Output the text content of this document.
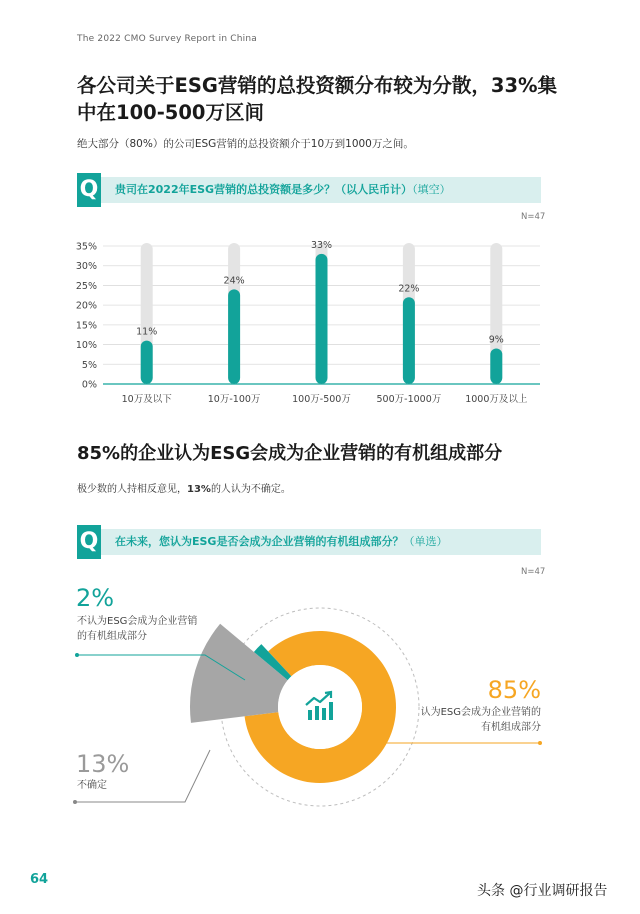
The 2022 CMO Survey Report in China
各公司关于ESG营销的总投资额分布较为分散，33%集
中在100-500万区间
绝大部分（80%）的公司ESG营销的总投资额介于10万到1000万之间。
Q 贵司在2022年ESG营销的总投资额是多少？（以人民币计）（填空）
N=47
0%
5%
10%
15%
20%
25%
30%
35%
11%
24%
33%
22%
9%
10万及以下	10万-100万	100万-500万	500万-1000万	1000万及以上
85%的企业认为ESG会成为企业营销的有机组成部分
极少数的人持相反意见，13%的人认为不确定。
Q 在未来，您认为ESG是否会成为企业营销的有机组成部分？（单选）
N=47
2%
不认为ESG会成为企业营销
的有机组成部分
85%
认为ESG会成为企业营销的
有机组成部分
13%
不确定
64
头条 @行业调研报告
